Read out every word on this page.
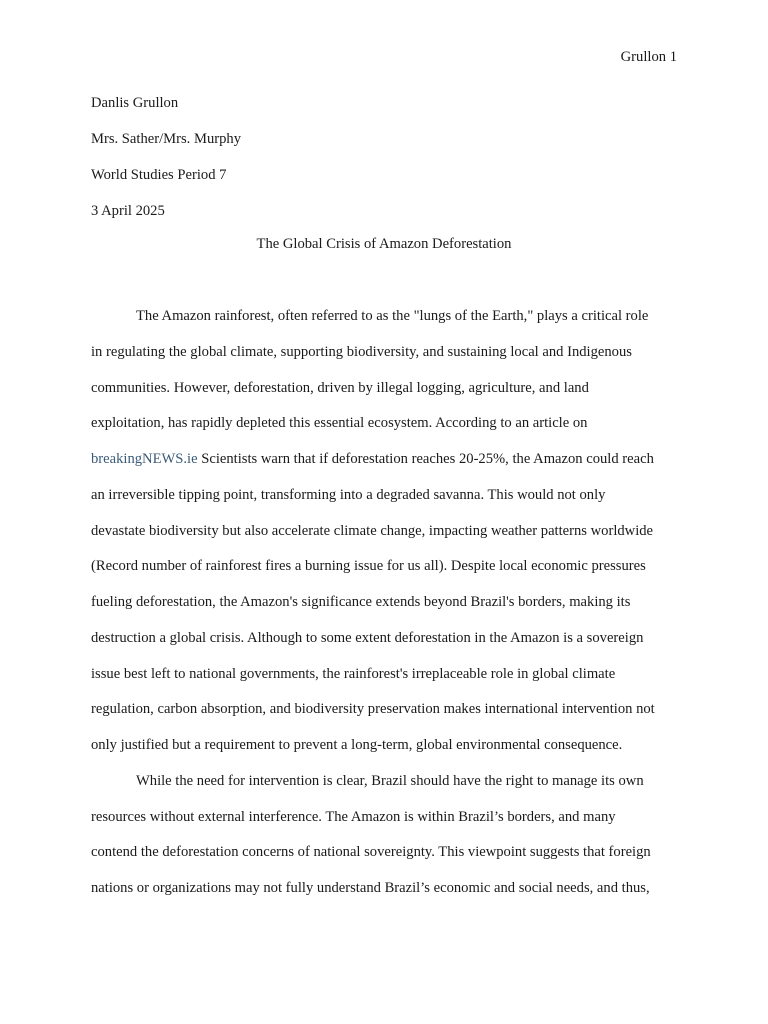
Grullon 1
Danlis Grullon
Mrs. Sather/Mrs. Murphy
World Studies Period 7
3 April 2025
The Global Crisis of Amazon Deforestation
The Amazon rainforest, often referred to as the "lungs of the Earth," plays a critical role
in regulating the global climate, supporting biodiversity, and sustaining local and Indigenous
communities. However, deforestation, driven by illegal logging, agriculture, and land
exploitation, has rapidly depleted this essential ecosystem. According to an article on
breakingNEWS.ie Scientists warn that if deforestation reaches 20-25%, the Amazon could reach
an irreversible tipping point, transforming into a degraded savanna. This would not only
devastate biodiversity but also accelerate climate change, impacting weather patterns worldwide
(Record number of rainforest fires a burning issue for us all). Despite local economic pressures
fueling deforestation, the Amazon's significance extends beyond Brazil's borders, making its
destruction a global crisis. Although to some extent deforestation in the Amazon is a sovereign
issue best left to national governments, the rainforest's irreplaceable role in global climate
regulation, carbon absorption, and biodiversity preservation makes international intervention not
only justified but a requirement to prevent a long-term, global environmental consequence.
While the need for intervention is clear, Brazil should have the right to manage its own
resources without external interference. The Amazon is within Brazil’s borders, and many
contend the deforestation concerns of national sovereignty. This viewpoint suggests that foreign
nations or organizations may not fully understand Brazil’s economic and social needs, and thus,
